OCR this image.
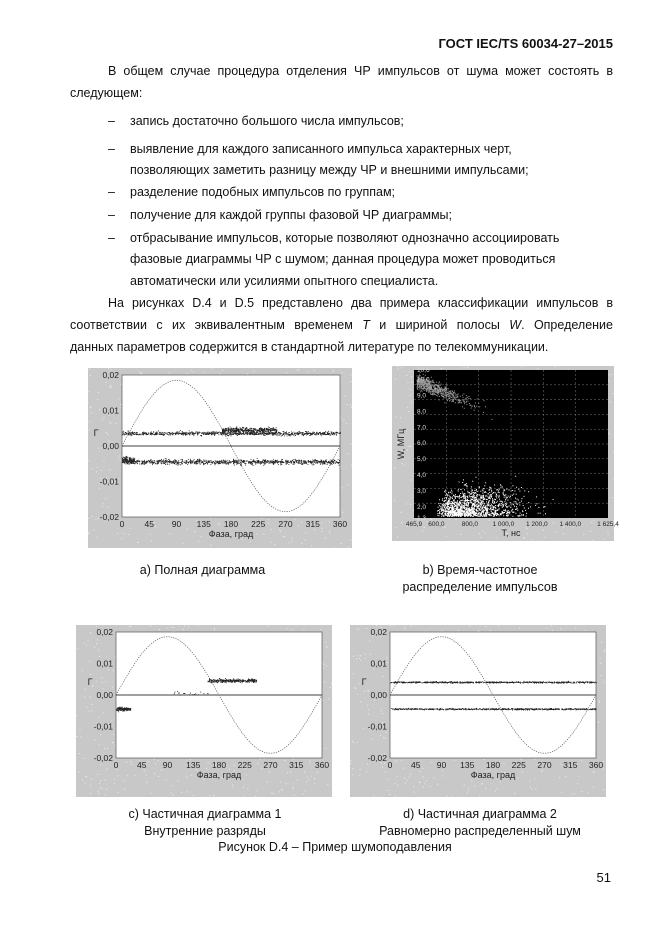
ГОСТ IEC/TS 60034-27–2015
В общем случае процедура отделения ЧР импульсов от шума может состоять в
следующем:
– запись достаточно большого числа импульсов;
– выявление для каждого записанного импульса характерных черт,
позволяющих заметить разницу между ЧР и внешними импульсами;
– разделение подобных импульсов по группам;
– получение для каждой группы фазовой ЧР диаграммы;
– отбрасывание импульсов, которые позволяют однозначно ассоциировать
фазовые диаграммы ЧР с шумом; данная процедура может проводиться
автоматически или усилиями опытного специалиста.
На рисунках D.4 и D.5 представлено два примера классификации импульсов в
соответствии с их эквивалентным временем T и шириной полосы W. Определение
данных параметров содержится в стандартной литературе по телекоммуникации.
0 45 90 135 180 225 270 315 360
0,02
0,01
0,00
-0,01
-0,02
Фаза, град
Г
465,9 600,0	800,0 1 000,0 1 200,0 1 400,0 1 625,4
10,6
10,0
9,0
8,0
7,0
6,0
5,0
4,0
3,0
2,0
1,3
Т, нс
W, МГц
0 45 90 135 180 225 270 315 360
0,02
0,01
0,00
-0,01
-0,02
Фаза, град
Г
0 45 90 135 180 225 270 315 360
0,02
0,01
0,00
-0,01
-0,02
Фаза, град
Г
a) Полная диаграмма	b) Время-частотное
распределение импульсов
c) Частичная диаграмма 1
Внутренние разряды
d) Частичная диаграмма 2
Равномерно распределенный шум
Рисунок D.4 – Пример шумоподавления
51
